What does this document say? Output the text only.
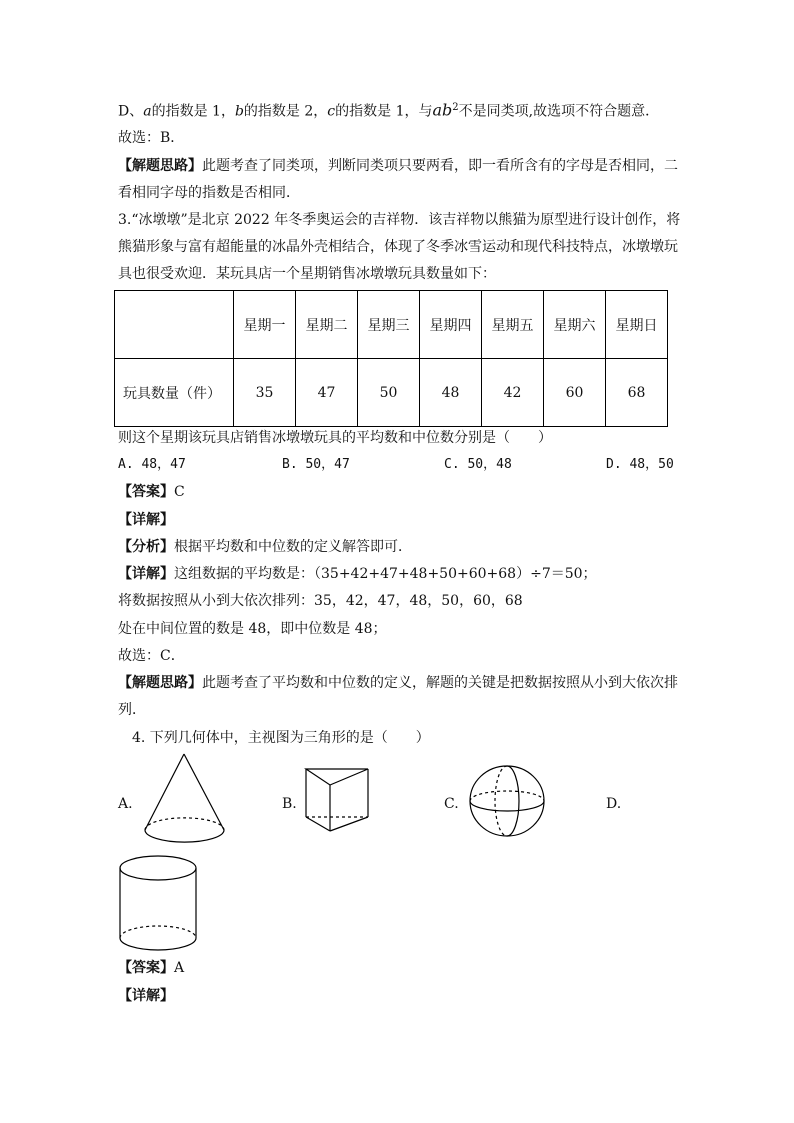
D、a的指数是 1，b的指数是 2，c的指数是 1，与$ab^2$不是同类项,故选项不符合题意．
故选：B．
【解题思路】此题考查了同类项，判断同类项只要两看，即一看所含有的字母是否相同，二
看相同字母的指数是否相同．
3.“冰墩墩”是北京 2022 年冬季奥运会的吉祥物．该吉祥物以熊猫为原型进行设计创作，将
熊猫形象与富有超能量的冰晶外壳相结合，体现了冬季冰雪运动和现代科技特点，冰墩墩玩
具也很受欢迎．某玩具店一个星期销售冰墩墩玩具数量如下：
	星期一	星期二	星期三	星期四	星期五	星期六	星期日
玩具数量（件）	35	47	50	48	42	60	68
则这个星期该玩具店销售冰墩墩玩具的平均数和中位数分别是（　　）
A. 48，47	B. 50，47	C. 50，48	D. 48，50
【答案】C
【详解】
【分析】根据平均数和中位数的定义解答即可．
【详解】这组数据的平均数是：（35+42+47+48+50+60+68）÷7＝50；
将数据按照从小到大依次排列：35，42，47，48，50，60，68
处在中间位置的数是 48，即中位数是 48；
故选：C．
【解题思路】此题考查了平均数和中位数的定义，解题的关键是把数据按照从小到大依次排
列．
4. 下列几何体中，主视图为三角形的是（　　）
A.	B.	C.	D.
【答案】A
【详解】
